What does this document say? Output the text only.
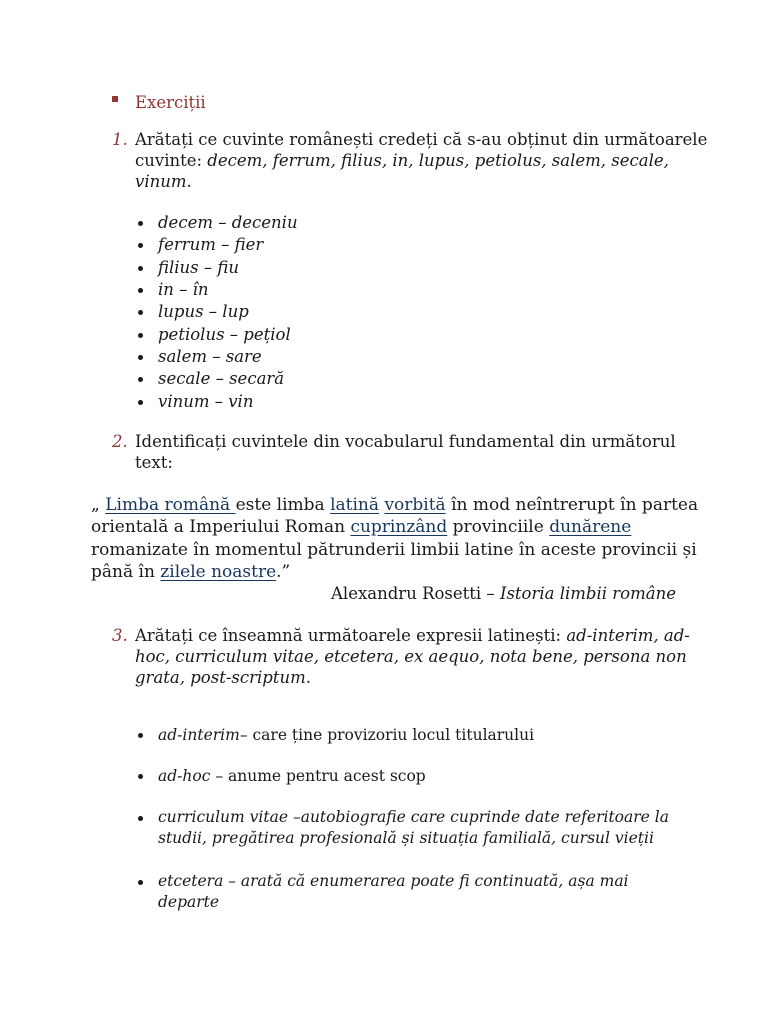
Exerciții
1. Arătați ce cuvinte românești credeți că s-au obținut din următoarele
cuvinte: decem, ferrum, filius, in, lupus, petiolus, salem, secale,
vinum.
decem – deceniu
ferrum – fier
filius – fiu
in – în
lupus – lup
petiolus – pețiol
salem – sare
secale – secară
vinum – vin
2. Identificați cuvintele din vocabularul fundamental din următorul
text:
„ Limba română este limba latină vorbită în mod neîntrerupt în partea
orientală a Imperiului Roman cuprinzând provinciile dunărene
romanizate în momentul pătrunderii limbii latine în aceste provincii și
până în zilele noastre.”
Alexandru Rosetti – Istoria limbii române
3. Arătați ce înseamnă următoarele expresii latinești: ad-interim, ad-
hoc, curriculum vitae, etcetera, ex aequo, nota bene, persona non
grata, post-scriptum.
ad-interim– care ține provizoriu locul titularului
ad-hoc – anume pentru acest scop
curriculum vitae –autobiografie care cuprinde date referitoare la
studii, pregătirea profesională și situația familială, cursul vieții
etcetera – arată că enumerarea poate fi continuată, așa mai
departe
